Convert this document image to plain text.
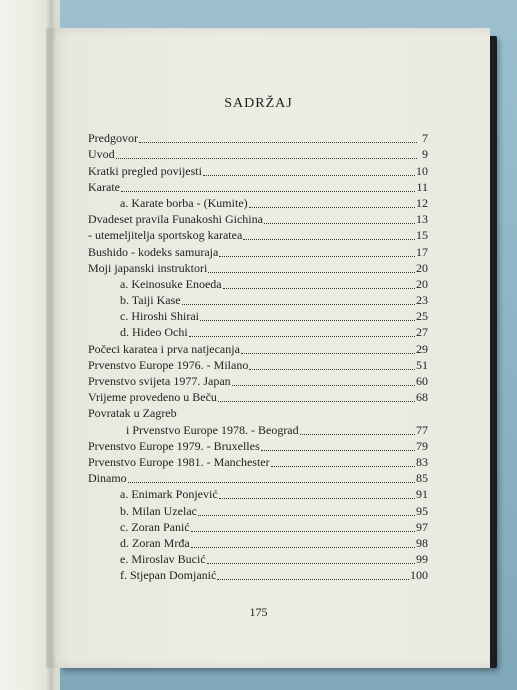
SADRŽAJ
Predgovor	7
Uvod	9
Kratki pregled povijesti	10
Karate	11
a. Karate borba - (Kumite)	12
Dvadeset pravila Funakoshi Gichina	13
- utemeljitelja sportskog karatea	15
Bushido - kodeks samuraja	17
Moji japanski instruktori	20
a. Keinosuke Enoeda	20
b. Taiji Kase	23
c. Hiroshi Shirai	25
d. Hideo Ochi	27
Počeci karatea i prva natjecanja	29
Prvenstvo Europe 1976. - Milano	51
Prvenstvo svijeta 1977. Japan	60
Vrijeme provedeno u Beču	68
Povratak u Zagreb
i Prvenstvo Europe 1978. - Beograd	77
Prvenstvo Europe 1979. - Bruxelles	79
Prvenstvo Europe 1981. - Manchester	83
Dinamo	85
a. Enimark Ponjević	91
b. Milan Uzelac	95
c. Zoran Panić	97
d. Zoran Mrđa	98
e. Miroslav Bucić	99
f. Stjepan Domjanić	100
175
